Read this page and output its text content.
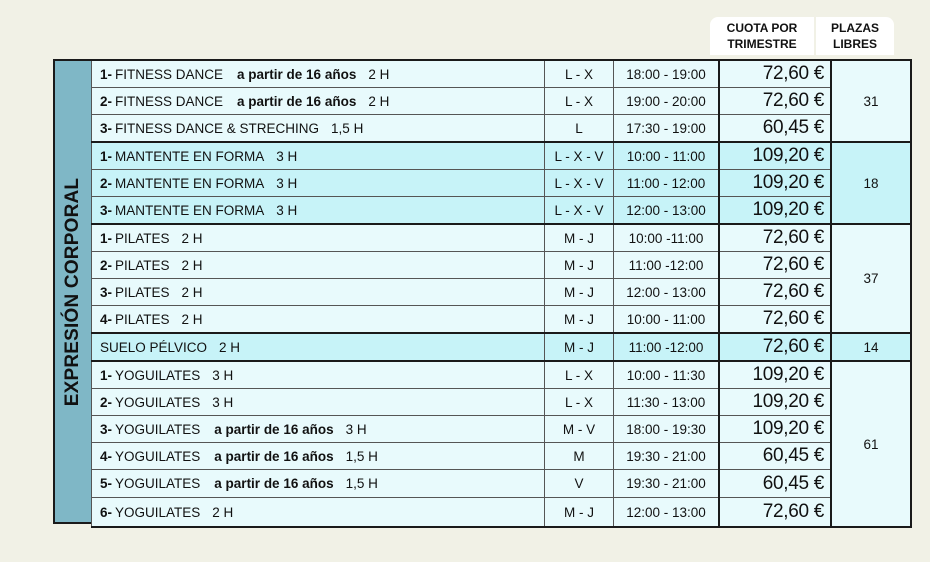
CUOTA POR
TRIMESTRE
PLAZAS
LIBRES
EXPRESIÓN CORPORAL
1- FITNESS DANCE a partir de 16 años 2 H	L - X	18:00 - 19:00	72,60 €	31
2- FITNESS DANCE a partir de 16 años 2 H	L - X	19:00 - 20:00	72,60 €	
3- FITNESS DANCE & STRECHING 1,5 H	L	17:30 - 19:00	60,45 €	
1- MANTENTE EN FORMA 3 H	L - X - V	10:00 - 11:00	109,20 €	18
2- MANTENTE EN FORMA 3 H	L - X - V	11:00 - 12:00	109,20 €	
3- MANTENTE EN FORMA 3 H	L - X - V	12:00 - 13:00	109,20 €	
1- PILATES 2 H	M - J	10:00 -11:00	72,60 €	37
2- PILATES 2 H	M - J	11:00 -12:00	72,60 €	
3- PILATES 2 H	M - J	12:00 - 13:00	72,60 €	
4- PILATES 2 H	M - J	10:00 - 11:00	72,60 €	
SUELO PÉLVICO 2 H	M - J	11:00 -12:00	72,60 €	14
1- YOGUILATES 3 H	L - X	10:00 - 11:30	109,20 €	61
2- YOGUILATES 3 H	L - X	11:30 - 13:00	109,20 €	
3- YOGUILATES a partir de 16 años 3 H	M - V	18:00 - 19:30	109,20 €	
4- YOGUILATES a partir de 16 años 1,5 H	M	19:30 - 21:00	60,45 €	
5- YOGUILATES a partir de 16 años 1,5 H	V	19:30 - 21:00	60,45 €	
6- YOGUILATES 2 H	M - J	12:00 - 13:00	72,60 €	
